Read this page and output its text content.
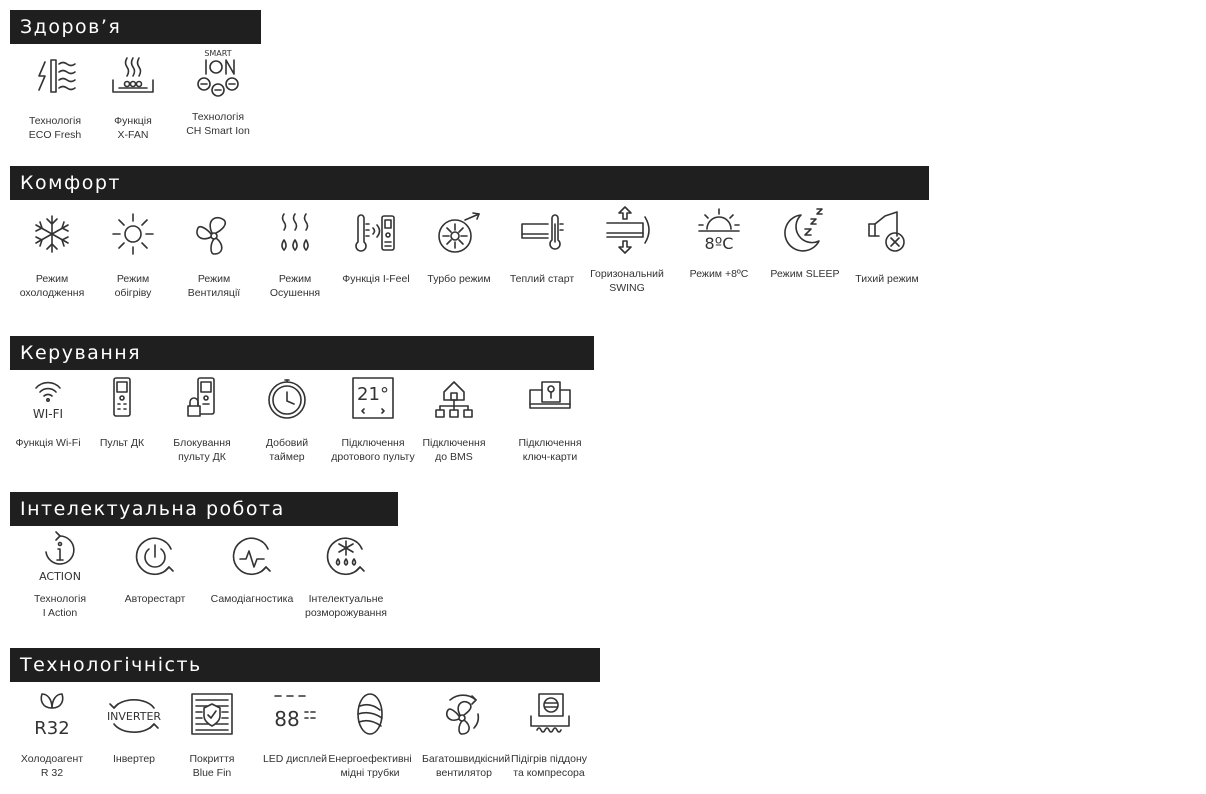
Здоров’я
Технологія
ECO Fresh
Функція
X-FAN
SMART
Технологія
CH Smart Ion
Комфорт
Режим
охолодження
Режим
обігріву
Режим
Вентиляції
Режим
Осушення
Функція I-Feel	Турбо режим	Теплий старт	Горизональний
SWING
8ºC
Режим +8ºC	Режим SLEEP	Тихий режим
Керування
WI-FI
Функція Wi-Fi	Пульт ДК	Блокування
пульту ДК
Добовий
таймер
21°
Підключення
дротового пульту
Підключення
до BMS
Підключення
ключ-карти
Інтелектуальна робота
ACTION
Технологія
I Action
Авторестарт	Самодіагностика	Інтелектуальне
розморожування
Технологічність
R32
Холодоагент
R 32
INVERTER
Інвертер	Покриття
Blue Fin
88
LED дисплей Енергоефективні
мідні трубки
Багатошвидкісний
вентилятор
Підігрів піддону
та компресора
